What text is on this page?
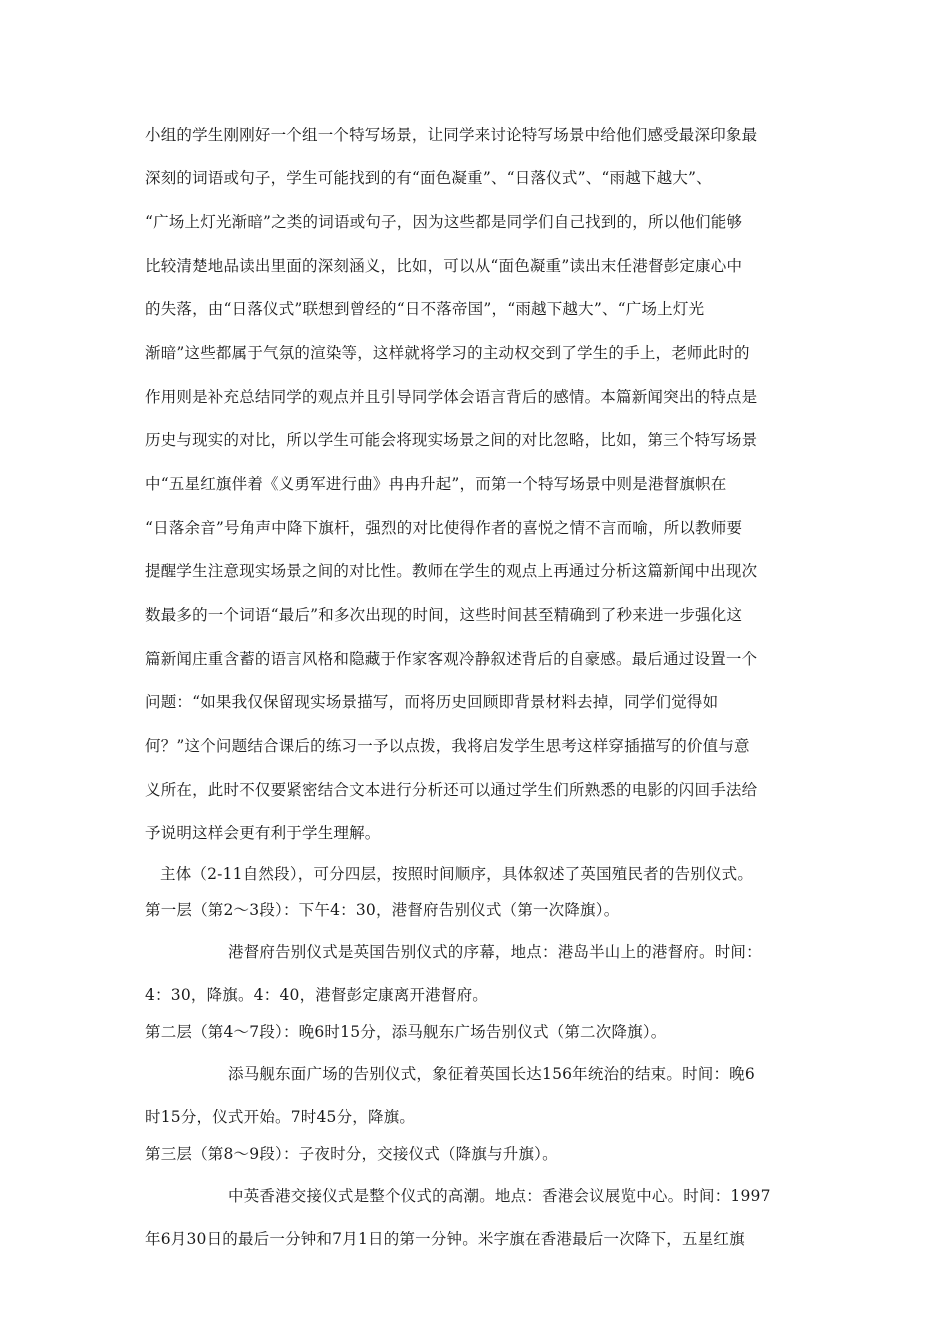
小组的学生刚刚好一个组一个特写场景，让同学来讨论特写场景中给他们感受最深印象最
深刻的词语或句子，学生可能找到的有“面色凝重”、“日落仪式”、“雨越下越大”、
“广场上灯光渐暗”之类的词语或句子，因为这些都是同学们自己找到的，所以他们能够
比较清楚地品读出里面的深刻涵义，比如，可以从“面色凝重”读出末任港督彭定康心中
的失落，由“日落仪式”联想到曾经的“日不落帝国”，“雨越下越大”、“广场上灯光
渐暗”这些都属于气氛的渲染等，这样就将学习的主动权交到了学生的手上，老师此时的
作用则是补充总结同学的观点并且引导同学体会语言背后的感情。本篇新闻突出的特点是
历史与现实的对比，所以学生可能会将现实场景之间的对比忽略，比如，第三个特写场景
中“五星红旗伴着《义勇军进行曲》冉冉升起”，而第一个特写场景中则是港督旗帜在
“日落余音”号角声中降下旗杆，强烈的对比使得作者的喜悦之情不言而喻，所以教师要
提醒学生注意现实场景之间的对比性。教师在学生的观点上再通过分析这篇新闻中出现次
数最多的一个词语“最后”和多次出现的时间，这些时间甚至精确到了秒来进一步强化这
篇新闻庄重含蓄的语言风格和隐藏于作家客观冷静叙述背后的自豪感。最后通过设置一个
问题：“如果我仅保留现实场景描写，而将历史回顾即背景材料去掉，同学们觉得如
何？”这个问题结合课后的练习一予以点拨，我将启发学生思考这样穿插描写的价值与意
义所在，此时不仅要紧密结合文本进行分析还可以通过学生们所熟悉的电影的闪回手法给
予说明这样会更有利于学生理解。
主体（2-11自然段），可分四层，按照时间顺序，具体叙述了英国殖民者的告别仪式。
第一层（第2～3段）：下午4：30，港督府告别仪式（第一次降旗）。
港督府告别仪式是英国告别仪式的序幕，地点：港岛半山上的港督府。时间：
4：30，降旗。4：40，港督彭定康离开港督府。
第二层（第4～7段）：晚6时15分，添马舰东广场告别仪式（第二次降旗）。
添马舰东面广场的告别仪式，象征着英国长达156年统治的结束。时间：晚6
时15分，仪式开始。7时45分，降旗。
第三层（第8～9段）：子夜时分，交接仪式（降旗与升旗）。
中英香港交接仪式是整个仪式的高潮。地点：香港会议展览中心。时间：1997
年6月30日的最后一分钟和7月1日的第一分钟。米字旗在香港最后一次降下，五星红旗
